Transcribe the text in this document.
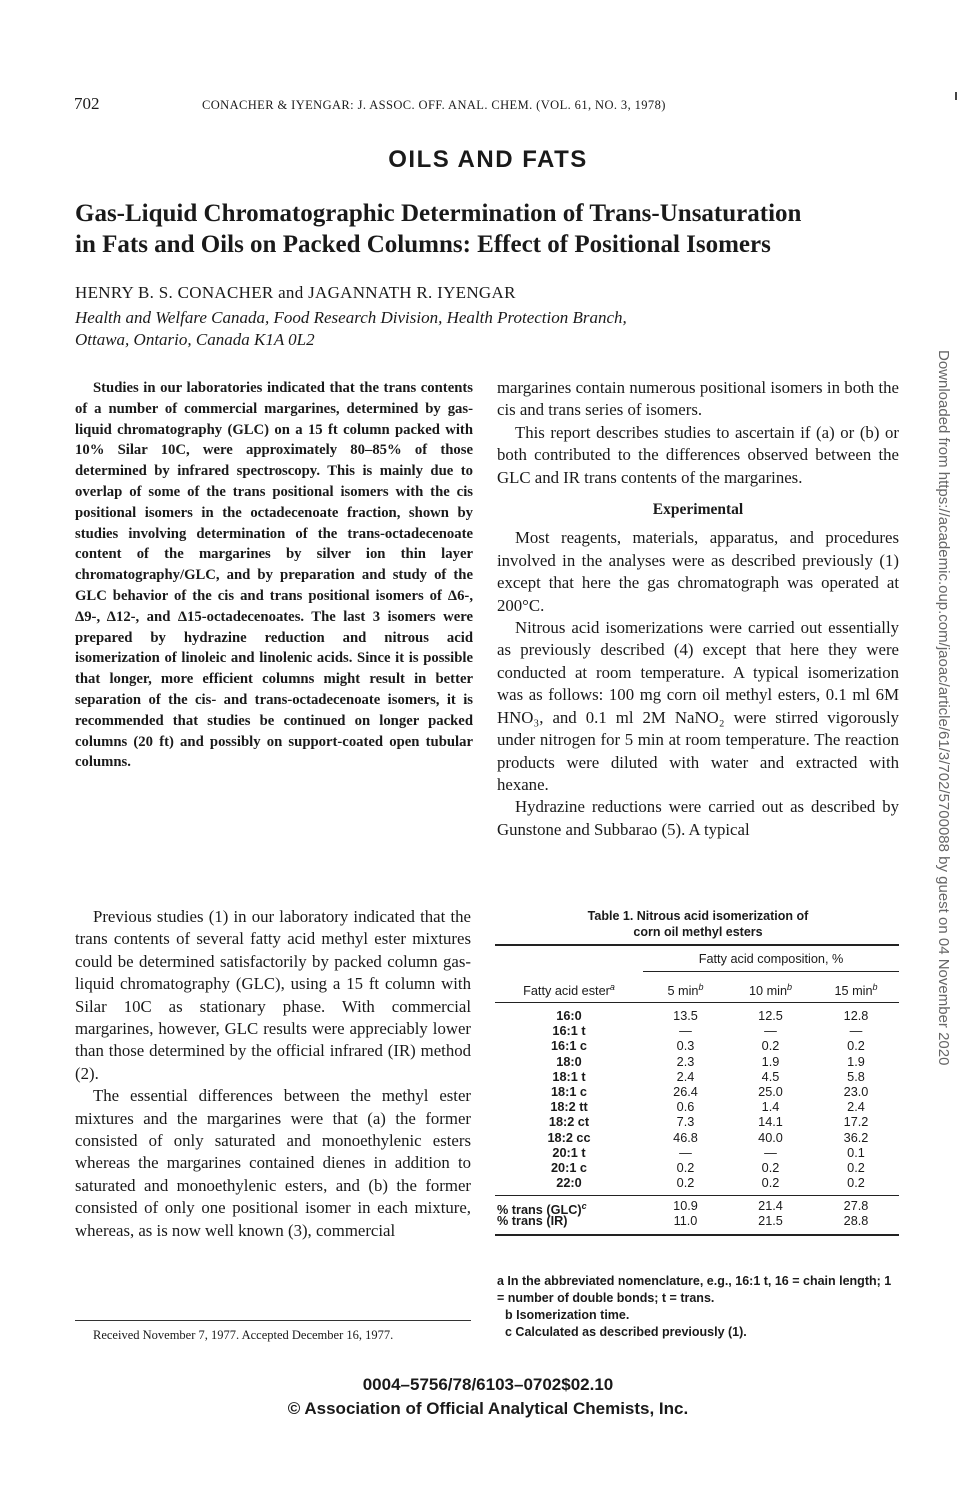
702	CONACHER & IYENGAR: J. ASSOC. OFF. ANAL. CHEM. (VOL. 61, NO. 3, 1978)
OILS AND FATS
Gas-Liquid Chromatographic Determination of Trans-Unsaturation
in Fats and Oils on Packed Columns: Effect of Positional Isomers
HENRY B. S. CONACHER and JAGANNATH R. IYENGAR
Health and Welfare Canada, Food Research Division, Health Protection Branch,
Ottawa, Ontario, Canada K1A 0L2
Studies in our laboratories indicated that the trans contents of a number of commercial margarines, determined by gas-liquid chromatography (GLC) on a 15 ft column packed with 10% Silar 10C, were approximately 80–85% of those determined by infrared spectroscopy. This is mainly due to overlap of some of the trans positional isomers with the cis positional isomers in the octadecenoate fraction, shown by studies involving determination of the trans-octadecenoate content of the margarines by silver ion thin layer chromatography/GLC, and by preparation and study of the GLC behavior of the cis and trans positional isomers of Δ6-, Δ9-, Δ12-, and Δ15-octadecenoates. The last 3 isomers were prepared by hydrazine reduction and nitrous acid isomerization of linoleic and linolenic acids. Since it is possible that longer, more efficient columns might result in better separation of the cis- and trans-octadecenoate isomers, it is recommended that studies be continued on longer packed columns (20 ft) and possibly on support-coated open tubular columns.

Previous studies (1) in our laboratory indicated that the trans contents of several fatty acid methyl ester mixtures could be determined satisfactorily by packed column gas-liquid chromatography (GLC), using a 15 ft column with Silar 10C as stationary phase. With commercial margarines, however, GLC results were appreciably lower than those determined by the official infrared (IR) method (2).

The essential differences between the methyl ester mixtures and the margarines were that (a) the former consisted of only saturated and monoethylenic esters whereas the margarines contained dienes in addition to saturated and monoethylenic esters, and (b) the former consisted of only one positional isomer in each mixture, whereas, as is now well known (3), commercial

Received November 7, 1977. Accepted December 16, 1977.

margarines contain numerous positional isomers in both the cis and trans series of isomers.

This report describes studies to ascertain if (a) or (b) or both contributed to the differences observed between the GLC and IR trans contents of the margarines.

Experimental

Most reagents, materials, apparatus, and procedures involved in the analyses were as described previously (1) except that here the gas chromatograph was operated at 200°C.

Nitrous acid isomerizations were carried out essentially as previously described (4) except that here they were conducted at room temperature. A typical isomerization was as follows: 100 mg corn oil methyl esters, 0.1 ml 6M HNO₃, and 0.1 ml 2M NaNO₂ were stirred vigorously under nitrogen for 5 min at room temperature. The reaction products were diluted with water and extracted with hexane.

Hydrazine reductions were carried out as described by Gunstone and Subbarao (5). A typical

Table 1. Nitrous acid isomerization of
corn oil methyl esters
Fatty acid composition, %
Fatty acid ester$^a$	5 $\min^b$	10 $\min^b$	15 $\min^b$
16:0	13.5	12.5	12.8
16:1 t	—	—	—
16:1 c	0.3	0.2	0.2
18:0	2.3	1.9	1.9
18:1 t	2.4	4.5	5.8
18:1 c	26.4	25.0	23.0
18:2 tt	0.6	1.4	2.4
18:2 ct	7.3	14.1	17.2
18:2 cc	46.8	40.0	36.2
20:1 t	—	—	0.1
20:1 c	0.2	0.2	0.2
22:0	0.2	0.2	0.2
% trans (GLC)$^c$	10.9	21.4	27.8
% trans (IR)	11.0	21.5	28.8

a In the abbreviated nomenclature, e.g., 16:1 t, 16 = chain length; 1 = number of double bonds; t = trans.

b Isomerization time.

c Calculated as described previously (1).

0004–5756/78/6103–0702$02.10
© Association of Official Analytical Chemists, Inc.
Downloaded from https://academic.oup.com/jaoac/article/61/3/702/5700088 by guest on 04 November 2020
